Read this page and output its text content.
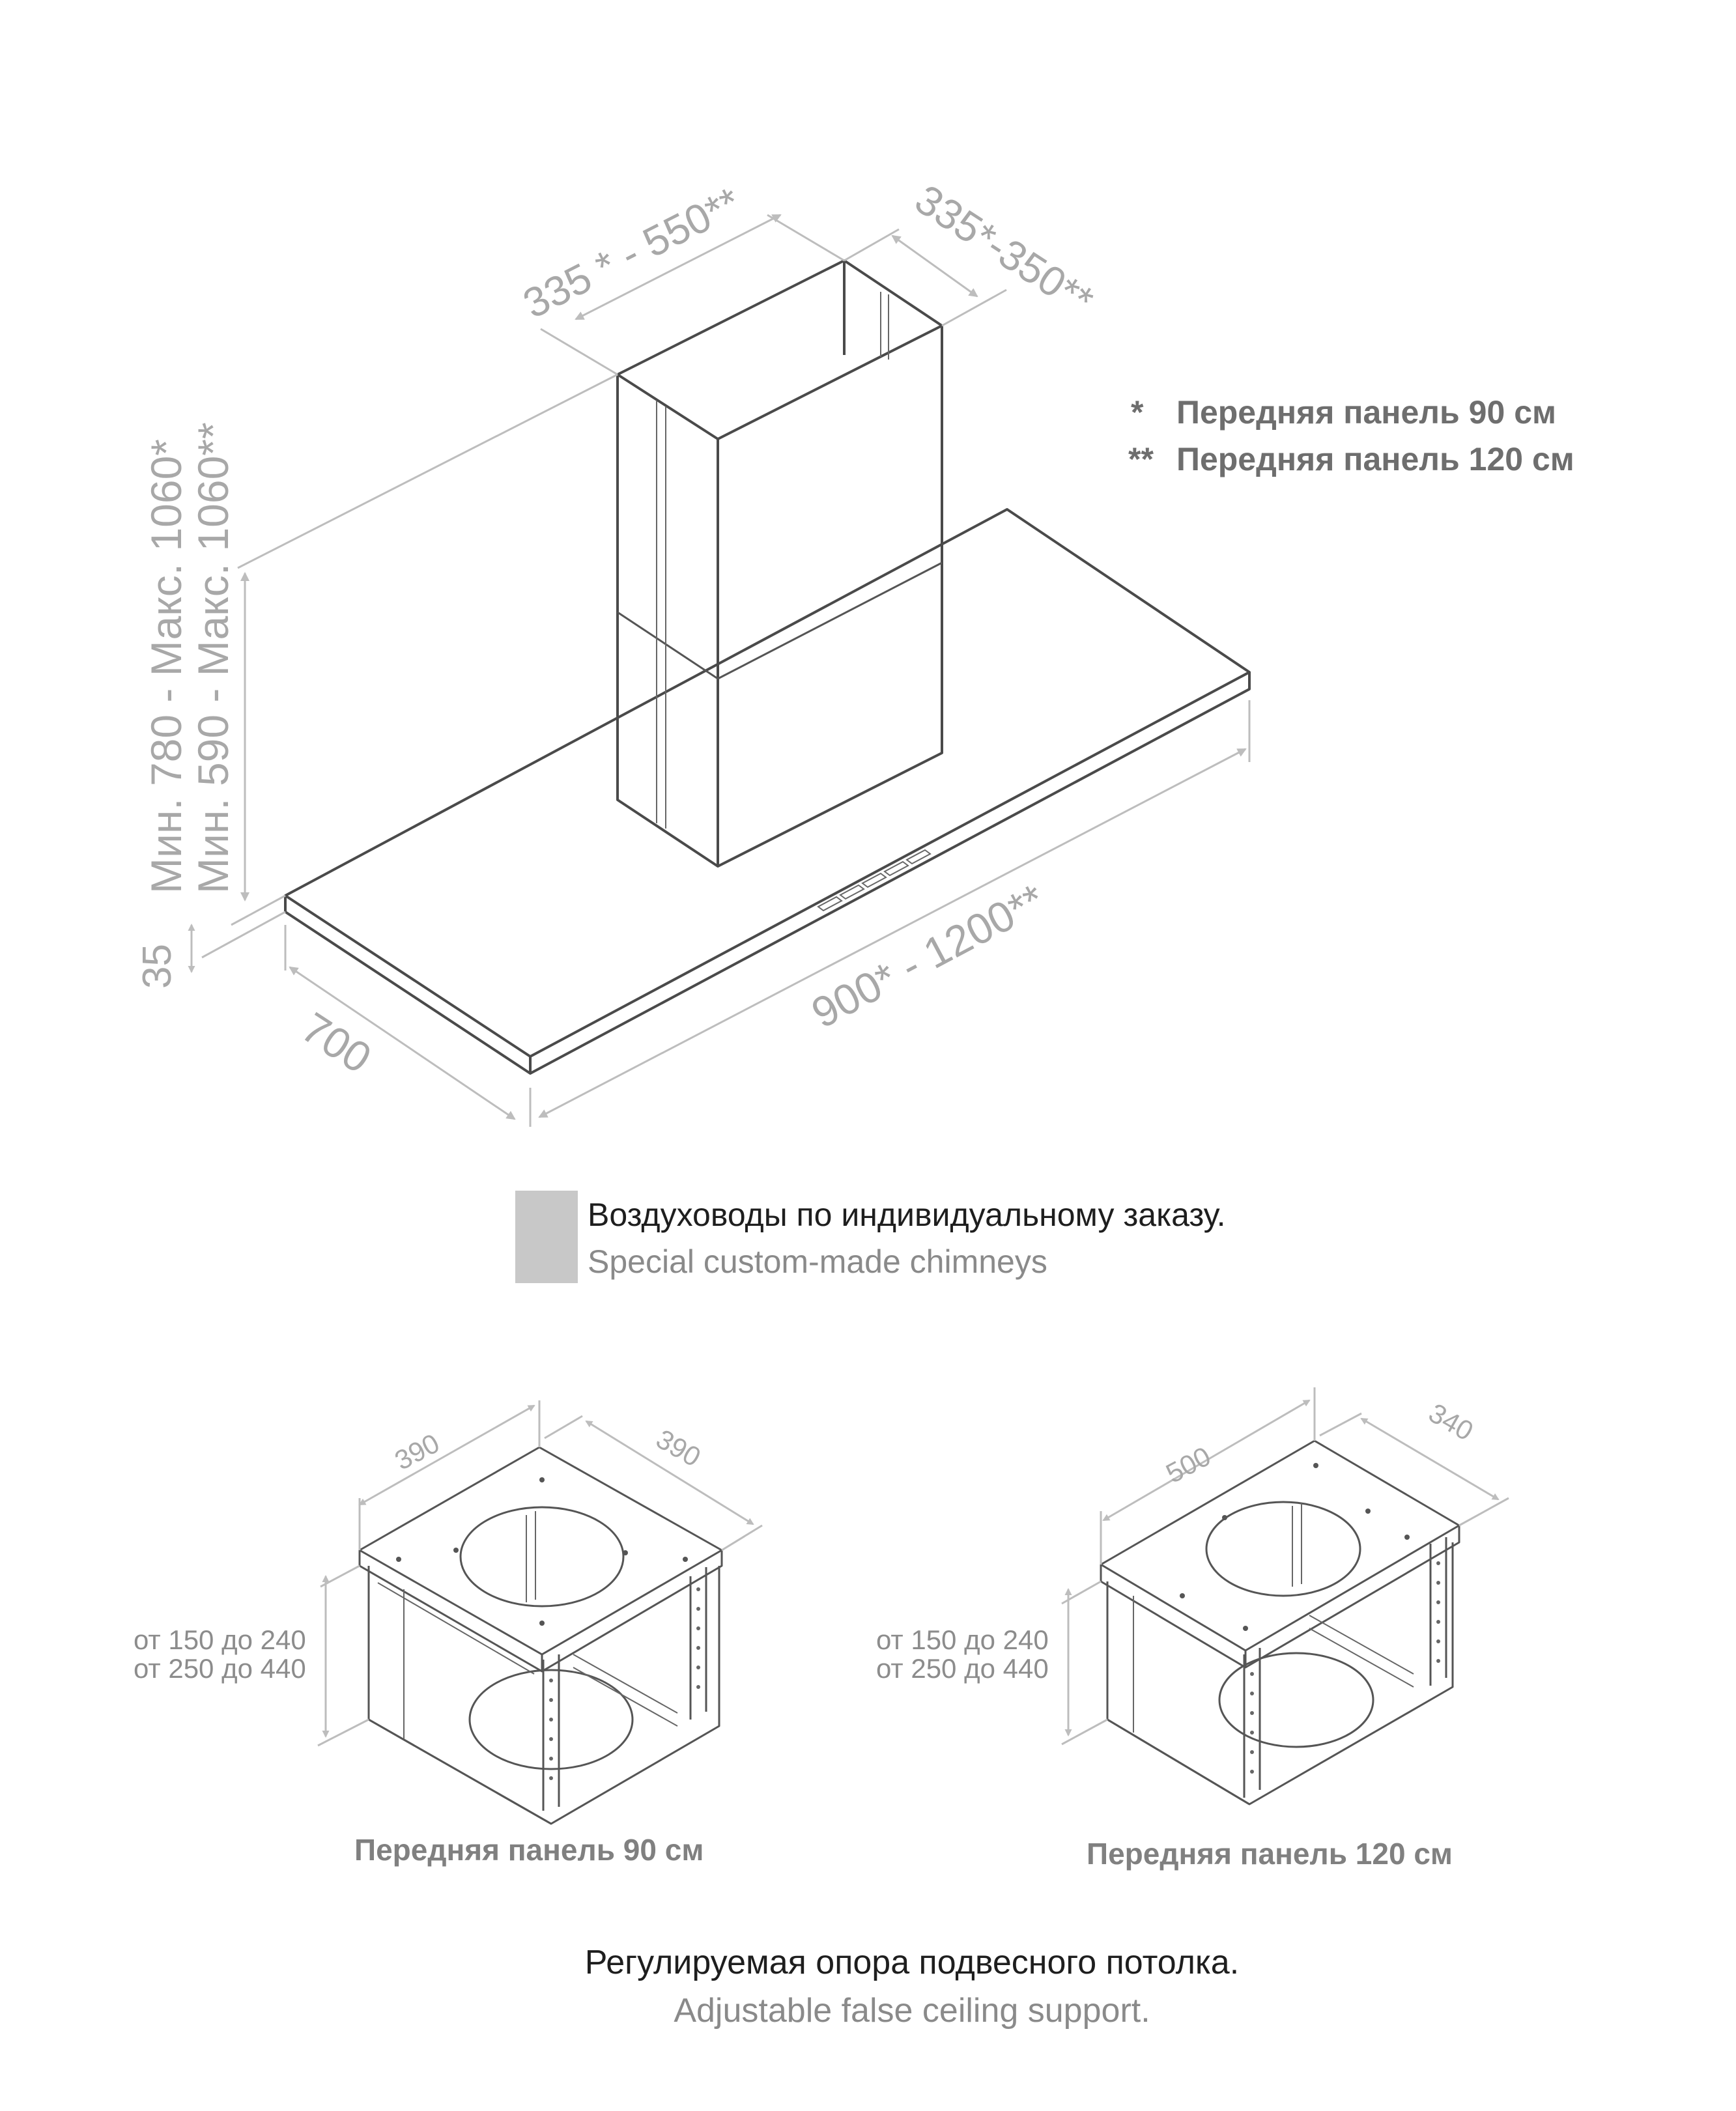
335 * - 550**	335*-350**
Мин. 780 - Макс. 1060*
Мин. 590 - Макс. 1060**
35
700
900* - 1200**
* Передняя панель 90 см
** Передняя панель 120 см
Воздуховоды по индивидуальному заказу.
Special custom-made chimneys
390	390
от 150 до 240
от 250 до 440
Передняя панель 90 см
500
340
от 150 до 240
от 250 до 440
Передняя панель 120 см
Регулируемая опора подвесного потолка.
Adjustable false ceiling support.
